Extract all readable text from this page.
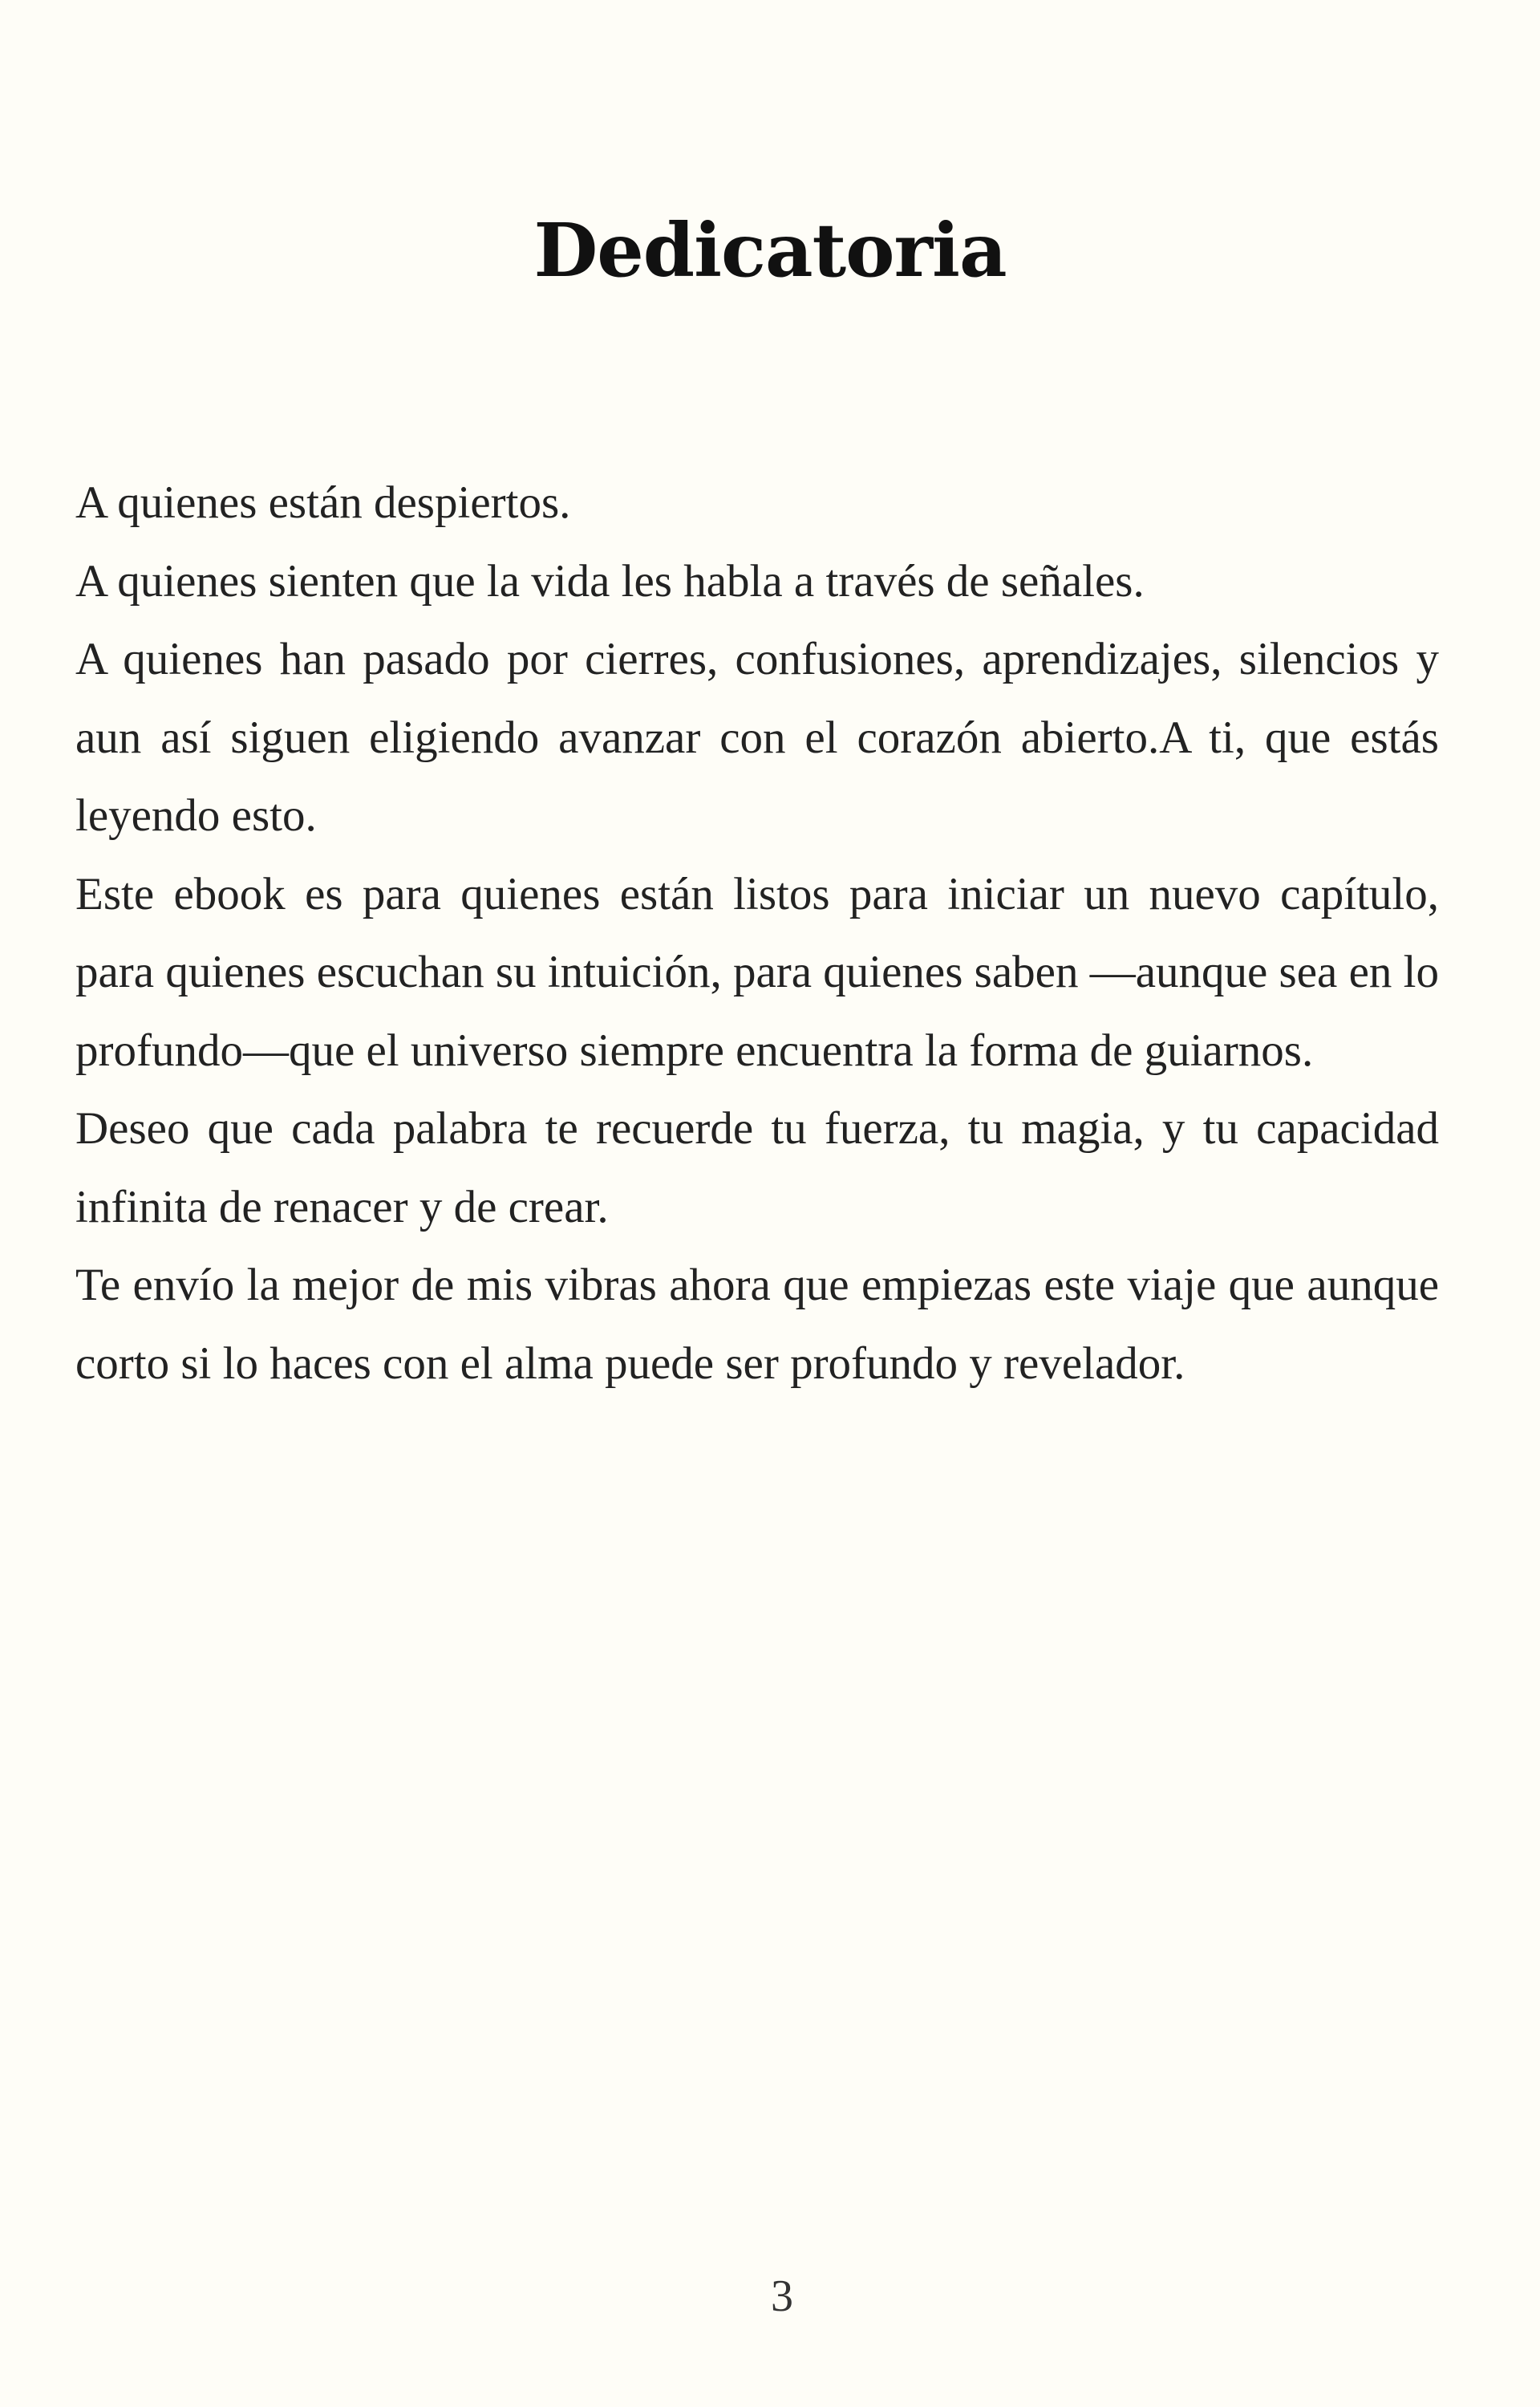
Dedicatoria

A quienes están despiertos.

A quienes sienten que la vida les habla a través de señales.

A quienes han pasado por cierres, confusiones, aprendizajes, silencios y aun así siguen eligiendo avanzar con el corazón abierto.A ti, que estás leyendo esto.

Este ebook es para quienes están listos para iniciar un nuevo capítulo, para quienes escuchan su intuición, para quienes saben —aunque sea en lo profundo—que el universo siempre encuentra la forma de guiarnos.

Deseo que cada palabra te recuerde tu fuerza, tu magia, y tu capacidad infinita de renacer y de crear.

Te envío la mejor de mis vibras ahora que empiezas este viaje que aunque corto si lo haces con el alma puede ser profundo y revelador.

3
